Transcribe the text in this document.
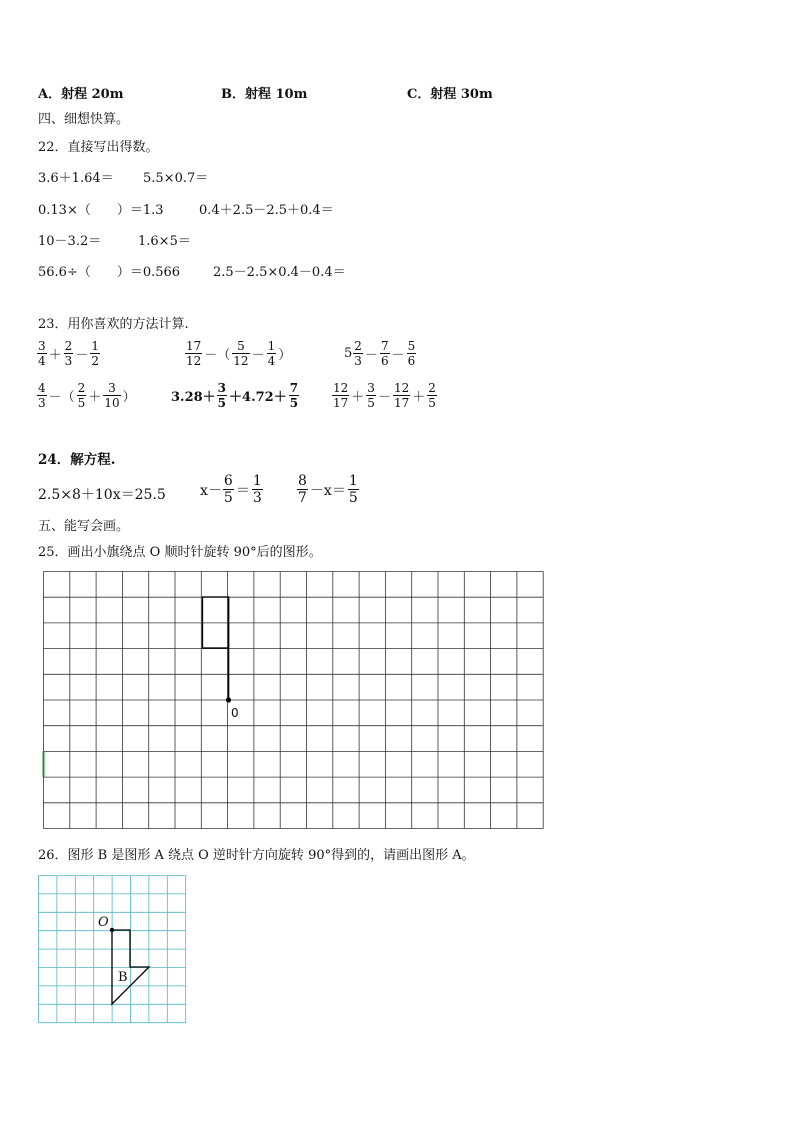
A．射程 20m	B．射程 10m	C．射程 30m
四、细想快算。
22．直接写出得数。
3.6＋1.64＝ 5.5×0.7＝
0.13×（　　）＝1.3	0.4＋2.5－2.5＋0.4＝
10－3.2＝	1.6×5＝
56.6÷（　　）＝0.566	2.5－2.5×0.4－0.4＝
23．用你喜欢的方法计算.
$\frac{3}{4} + \frac{2}{3} - \frac{1}{2}$	$\frac{17}{12}$ －（ $\frac{5}{12} - \frac{1}{4}$ ）	$5 \frac{2}{3} - \frac{7}{6} - \frac{5}{6}$
$\frac{4}{3}$ －（ $\frac{2}{5} + \frac{3}{10}$ ）	$3.28+ \frac{3}{5} +4.72+ \frac{7}{5}$	$\frac{12}{17} + \frac{3}{5} - \frac{12}{17} + \frac{2}{5}$
24．解方程.
2.5×8＋10x＝25.5 $x- \frac{6}{5} = \frac{1}{3} \frac{8}{7} -x= \frac{1}{5}$
五、能写会画。
25．画出小旗绕点 O 顺时针旋转 90°后的图形。
0
26．图形 B 是图形 A 绕点 O 逆时针方向旋转 90°得到的，请画出图形 A。
O
B
